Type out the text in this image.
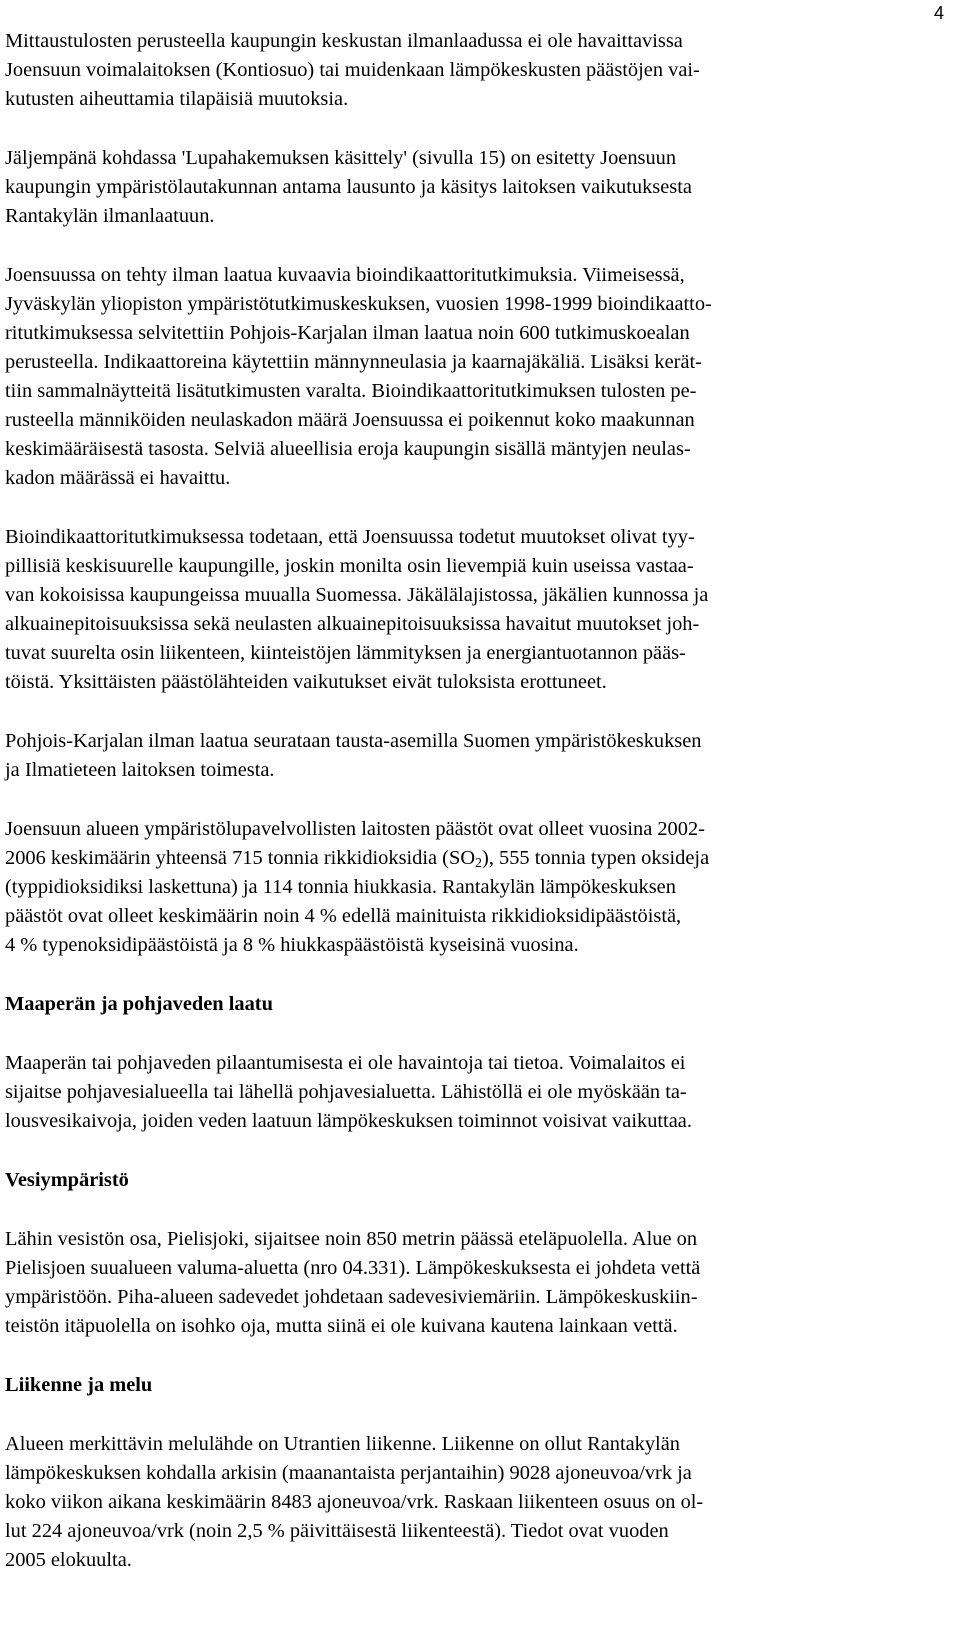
4

Mittaustulosten perusteella kaupungin keskustan ilmanlaadussa ei ole havaittavissa
Joensuun voimalaitoksen (Kontiosuo) tai muidenkaan lämpökeskusten päästöjen vai-
kutusten aiheuttamia tilapäisiä muutoksia.

Jäljempänä kohdassa 'Lupahakemuksen käsittely' (sivulla 15) on esitetty Joensuun
kaupungin ympäristölautakunnan antama lausunto ja käsitys laitoksen vaikutuksesta
Rantakylän ilmanlaatuun.

Joensuussa on tehty ilman laatua kuvaavia bioindikaattoritutkimuksia. Viimeisessä,
Jyväskylän yliopiston ympäristötutkimuskeskuksen, vuosien 1998-1999 bioindikaatto-
ritutkimuksessa selvitettiin Pohjois-Karjalan ilman laatua noin 600 tutkimuskoealan
perusteella. Indikaattoreina käytettiin männynneulasia ja kaarnajäkäliä. Lisäksi kerät-
tiin sammalnäytteitä lisätutkimusten varalta. Bioindikaattoritutkimuksen tulosten pe-
rusteella männiköiden neulaskadon määrä Joensuussa ei poikennut koko maakunnan
keskimääräisestä tasosta. Selviä alueellisia eroja kaupungin sisällä mäntyjen neulas-
kadon määrässä ei havaittu.

Bioindikaattoritutkimuksessa todetaan, että Joensuussa todetut muutokset olivat tyy-
pillisiä keskisuurelle kaupungille, joskin monilta osin lievempiä kuin useissa vastaa-
van kokoisissa kaupungeissa muualla Suomessa. Jäkälälajistossa, jäkälien kunnossa ja
alkuainepitoisuuksissa sekä neulasten alkuainepitoisuuksissa havaitut muutokset joh-
tuvat suurelta osin liikenteen, kiinteistöjen lämmityksen ja energiantuotannon pääs-
töistä. Yksittäisten päästölähteiden vaikutukset eivät tuloksista erottuneet.

Pohjois-Karjalan ilman laatua seurataan tausta-asemilla Suomen ympäristökeskuksen
ja Ilmatieteen laitoksen toimesta.

Joensuun alueen ympäristölupavelvollisten laitosten päästöt ovat olleet vuosina 2002-
2006 keskimäärin yhteensä 715 tonnia rikkidioksidia $(SO_2)$, 555 tonnia typen oksideja
(typpidioksidiksi laskettuna) ja 114 tonnia hiukkasia. Rantakylän lämpökeskuksen
päästöt ovat olleet keskimäärin noin 4 % edellä mainituista rikkidioksidipäästöistä,
4 % typenoksidipäästöistä ja 8 % hiukkaspäästöistä kyseisinä vuosina.

Maaperän ja pohjaveden laatu

Maaperän tai pohjaveden pilaantumisesta ei ole havaintoja tai tietoa. Voimalaitos ei
sijaitse pohjavesialueella tai lähellä pohjavesialuetta. Lähistöllä ei ole myöskään ta-
lousvesikaivoja, joiden veden laatuun lämpökeskuksen toiminnot voisivat vaikuttaa.

Vesiympäristö

Lähin vesistön osa, Pielisjoki, sijaitsee noin 850 metrin päässä eteläpuolella. Alue on
Pielisjoen suualueen valuma-aluetta (nro 04.331). Lämpökeskuksesta ei johdeta vettä
ympäristöön. Piha-alueen sadevedet johdetaan sadevesiviemäriin. Lämpökeskuskiin-
teistön itäpuolella on isohko oja, mutta siinä ei ole kuivana kautena lainkaan vettä.

Liikenne ja melu

Alueen merkittävin melulähde on Utrantien liikenne. Liikenne on ollut Rantakylän
lämpökeskuksen kohdalla arkisin (maanantaista perjantaihin) 9028 ajoneuvoa/vrk ja
koko viikon aikana keskimäärin 8483 ajoneuvoa/vrk. Raskaan liikenteen osuus on ol-
lut 224 ajoneuvoa/vrk (noin 2,5 % päivittäisestä liikenteestä). Tiedot ovat vuoden
2005 elokuulta.
